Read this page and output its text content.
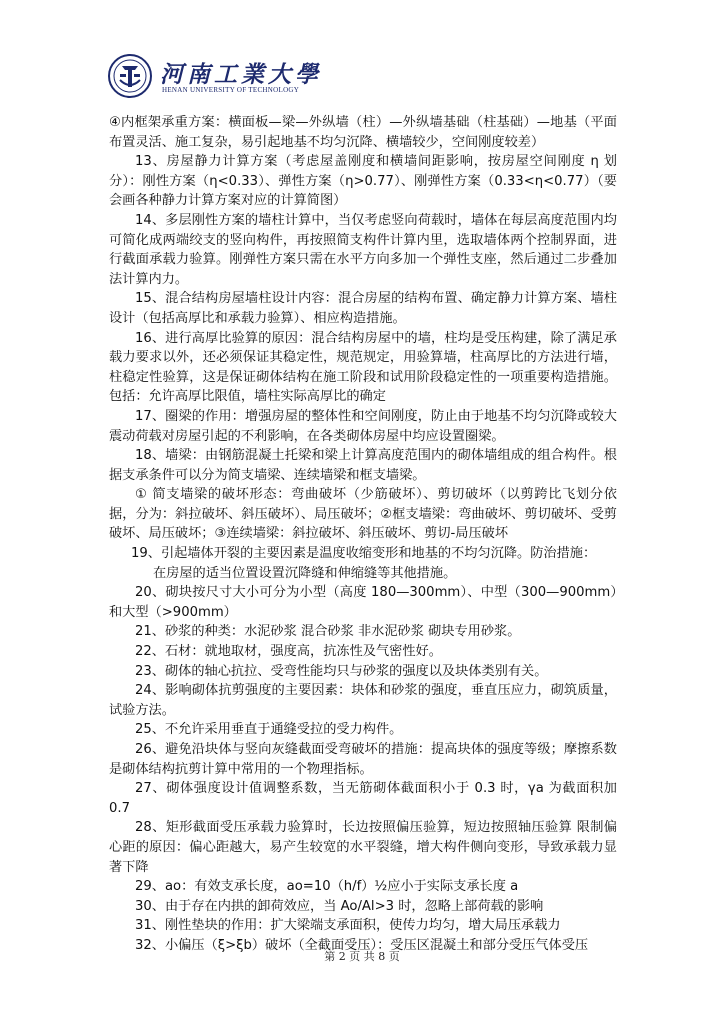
河南工業大學
HENAN UNIVERSITY OF TECHNOLOGY

④内框架承重方案：横面板—梁—外纵墙（柱）—外纵墙基础（柱基础）—地基（平面布置灵活、施工复杂，易引起地基不均匀沉降、横墙较少，空间刚度较差）

13、房屋静力计算方案（考虑屋盖刚度和横墙间距影响，按房屋空间刚度 η 划分）：刚性方案（η<0.33）、弹性方案（η>0.77）、刚弹性方案（0.33<η<0.77）（要会画各种静力计算方案对应的计算简图）

14、多层刚性方案的墙柱计算中，当仅考虑竖向荷载时，墙体在每层高度范围内均可简化成两端绞支的竖向构件，再按照简支构件计算内里，选取墙体两个控制界面，进行截面承载力验算。刚弹性方案只需在水平方向多加一个弹性支座，然后通过二步叠加法计算内力。

15、混合结构房屋墙柱设计内容：混合房屋的结构布置、确定静力计算方案、墙柱设计（包括高厚比和承载力验算）、相应构造措施。

16、进行高厚比验算的原因：混合结构房屋中的墙，柱均是受压构建，除了满足承载力要求以外，还必须保证其稳定性，规范规定，用验算墙，柱高厚比的方法进行墙，柱稳定性验算，这是保证砌体结构在施工阶段和试用阶段稳定性的一项重要构造措施。包括：允许高厚比限值，墙柱实际高厚比的确定

17、圈梁的作用：增强房屋的整体性和空间刚度，防止由于地基不均匀沉降或较大震动荷载对房屋引起的不利影响，在各类砌体房屋中均应设置圈梁。

18、墙梁：由钢筋混凝土托梁和梁上计算高度范围内的砌体墙组成的组合构件。根据支承条件可以分为简支墙梁、连续墙梁和框支墙梁。

① 简支墙梁的破坏形态：弯曲破坏（少筋破坏）、剪切破坏（以剪跨比飞划分依据，分为：斜拉破坏、斜压破坏）、局压破坏；②框支墙梁：弯曲破坏、剪切破坏、受剪破坏、局压破坏；③连续墙梁：斜拉破坏、斜压破坏、剪切-局压破坏

19、引起墙体开裂的主要因素是温度收缩变形和地基的不均匀沉降。防治措施：

在房屋的适当位置设置沉降缝和伸缩缝等其他措施。

20、砌块按尺寸大小可分为小型（高度 180—300mm）、中型（300—900mm）和大型（>900mm）

21、砂浆的种类：水泥砂浆 混合砂浆 非水泥砂浆 砌块专用砂浆。

22、石材：就地取材，强度高，抗冻性及气密性好。

23、砌体的轴心抗拉、受弯性能均只与砂浆的强度以及块体类别有关。

24、影响砌体抗剪强度的主要因素：块体和砂浆的强度，垂直压应力，砌筑质量，试验方法。

25、不允许采用垂直于通缝受拉的受力构件。

26、避免沿块体与竖向灰缝截面受弯破坏的措施：提高块体的强度等级；摩擦系数是砌体结构抗剪计算中常用的一个物理指标。

27、砌体强度设计值调整系数，当无筋砌体截面积小于 0.3 时，γa 为截面积加 0.7

28、矩形截面受压承载力验算时，长边按照偏压验算，短边按照轴压验算 限制偏心距的原因：偏心距越大，易产生较宽的水平裂缝，增大构件侧向变形，导致承载力显著下降

29、ao：有效支承长度，ao=10（h/f）½应小于实际支承长度 a

30、由于存在内拱的卸荷效应，当 Ao/Al>3 时，忽略上部荷载的影响

31、刚性垫块的作用：扩大梁端支承面积，使传力均匀，增大局压承载力

32、小偏压（ξ>ξb）破坏（全截面受压）：受压区混凝土和部分受压气体受压

第 2 页 共 8 页
